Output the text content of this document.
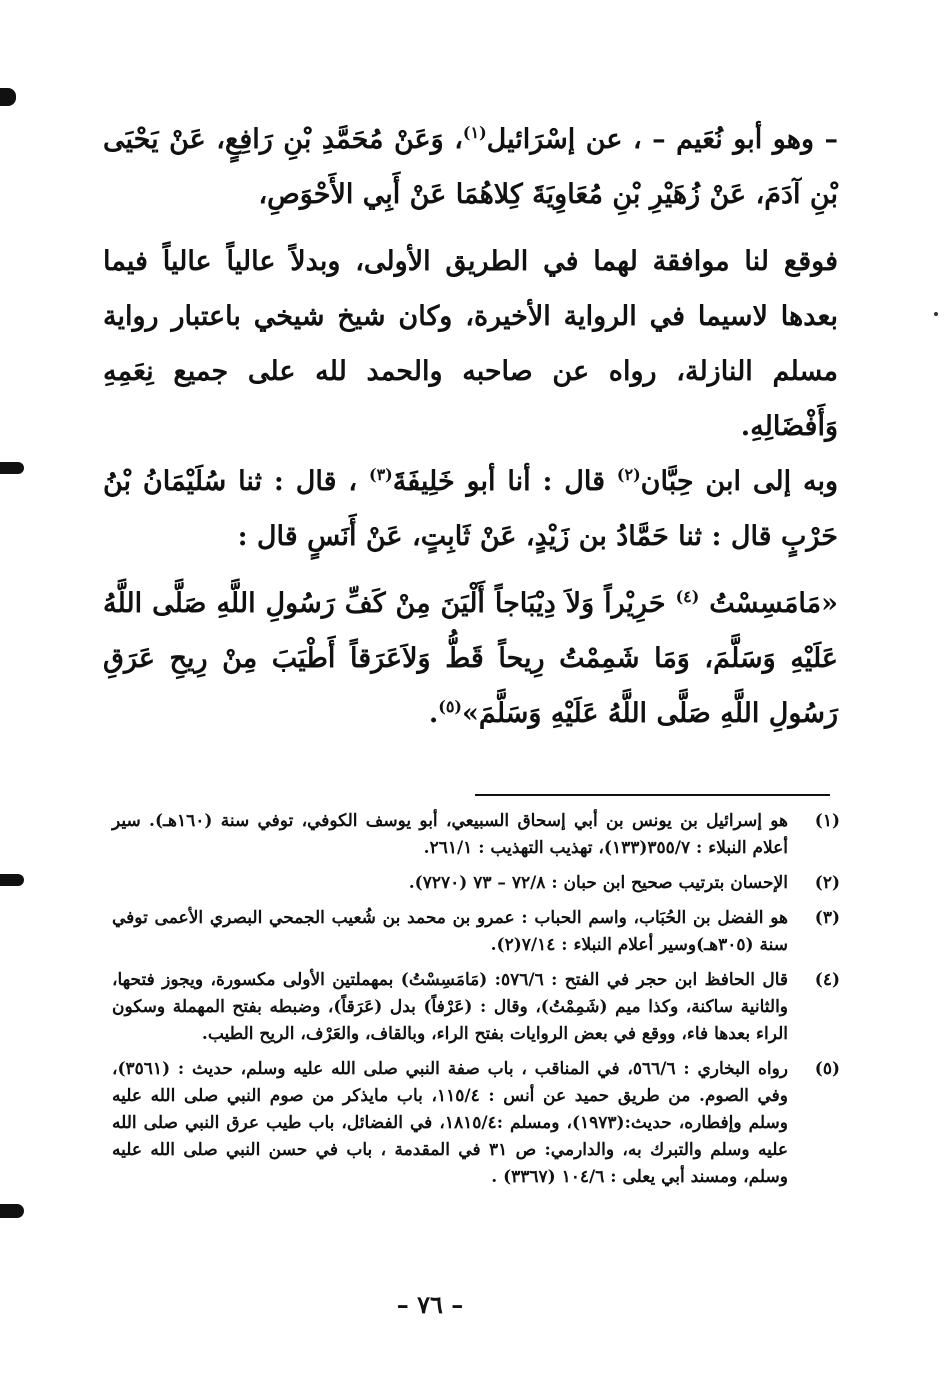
– وهو أبو نُعَيم – ، عن إسْرَائيل$^{(١)}$، وَعَنْ مُحَمَّدِ بْنِ رَافِعٍ، عَنْ يَحْيَى بْنِ آدَمَ، عَنْ زُهَيْرِ بْنِ مُعَاوِيَةَ كِلاهُمَا عَنْ أَبِي الأَحْوَصِ،

فوقع لنا موافقة لهما في الطريق الأولى، وبدلاً عالياً عالياً فيما بعدها لاسيما في الرواية الأخيرة، وكان شيخ شيخي باعتبار رواية مسلم النازلة، رواه عن صاحبه والحمد لله على جميع نِعَمِهِ وَأَفْضَالِهِ.

وبه إلى ابن حِبَّان$^{(٢)}$ قال : أنا أبو خَلِيفَةَ$^{(٣)}$ ، قال : ثنا سُلَيْمَانُ بْنُ حَرْبٍ قال : ثنا حَمَّادُ بن زَيْدٍ، عَنْ ثَابِتٍ، عَنْ أَنَسٍ قال :

«مَامَسِسْتُ $^{(٤)}$ حَرِيْراً وَلاَ دِيْبَاجاً أَلْيَنَ مِنْ كَفِّ رَسُولِ اللَّهِ صَلَّى اللَّهُ عَلَيْهِ وَسَلَّمَ، وَمَا شَمِمْتُ رِيحاً قَطُّ وَلاَعَرَقاً أَطْيَبَ مِنْ رِيحِ عَرَقِ رَسُولِ اللَّهِ صَلَّى اللَّهُ عَلَيْهِ وَسَلَّمَ»$^{(٥)}$.

(١)
هو إسرائيل بن يونس بن أبي إسحاق السبيعي، أبو يوسف الكوفي، توفي سنة (١٦٠هـ). سير أعلام النبلاء : ٣٥٥/٧(١٣٣)، تهذيب التهذيب : ٢٦١/١.
(٢)
الإحسان بترتيب صحيح ابن حبان : ٧٢/٨ – ٧٣ (٧٢٧٠).
(٣)
هو الفضل بن الحُبَاب، واسم الحباب : عمرو بن محمد بن شُعيب الجمحي البصري الأعمى توفي سنة (٣٠٥هـ)وسير أعلام النبلاء : ٧/١٤(٢).
(٤)
قال الحافظ ابن حجر في الفتح : ٥٧٦/٦: (مَامَسِسْتُ) بمهملتين الأولى مكسورة، ويجوز فتحها، والثانية ساكنة، وكذا ميم (شَمِمْتُ)، وقال : (عَرْفاً) بدل (عَرَقاً)، وضبطه بفتح المهملة وسكون الراء بعدها فاء، ووقع في بعض الروايات بفتح الراء، وبالقاف، والعَرْف، الريح الطيب.
(٥)
رواه البخاري : ٥٦٦/٦، في المناقب ، باب صفة النبي صلى الله عليه وسلم، حديث : (٣٥٦١)، وفي الصوم. من طريق حميد عن أنس : ١١٥/٤، باب مايذكر من صوم النبي صلى الله عليه وسلم وإفطاره، حديث:(١٩٧٣)، ومسلم :١٨١٥/٤، في الفضائل، باب طيب عرق النبي صلى الله عليه وسلم والتبرك به، والدارمي: ص ٣١ في المقدمة ، باب في حسن النبي صلى الله عليه وسلم، ومسند أبي يعلى : ١٠٤/٦ (٣٣٦٧) .
– ٧٦ –
